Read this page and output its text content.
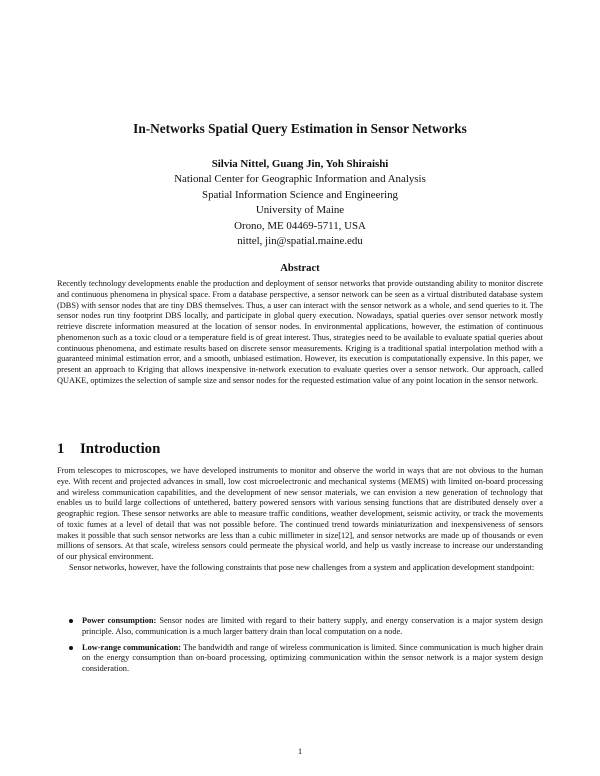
In-Networks Spatial Query Estimation in Sensor Networks
Silvia Nittel, Guang Jin, Yoh Shiraishi
National Center for Geographic Information and Analysis
Spatial Information Science and Engineering
University of Maine
Orono, ME 04469-5711, USA
nittel, jin@spatial.maine.edu
Abstract
Recently technology developments enable the production and deployment of sensor networks that provide outstanding ability to monitor discrete and continuous phenomena in physical space. From a database perspective, a sensor network can be seen as a virtual distributed database system (DBS) with sensor nodes that are tiny DBS themselves. Thus, a user can interact with the sensor network as a whole, and send queries to it. The sensor nodes run tiny footprint DBS locally, and participate in global query execution. Nowadays, spatial queries over sensor network mostly retrieve discrete information measured at the location of sensor nodes. In environmental applications, however, the estimation of continuous phenomenon such as a toxic cloud or a temperature field is of great interest. Thus, strategies need to be available to evaluate spatial queries about continuous phenomena, and estimate results based on discrete sensor measurements. Kriging is a traditional spatial interpolation method with a guaranteed minimal estimation error, and a smooth, unbiased estimation. However, its execution is computationally expensive. In this paper, we present an approach to Kriging that allows inexpensive in-network execution to evaluate queries over a sensor network. Our approach, called QUAKE, optimizes the selection of sample size and sensor nodes for the requested estimation value of any point location in the sensor network.
1 Introduction

From telescopes to microscopes, we have developed instruments to monitor and observe the world in ways that are not obvious to the human eye. With recent and projected advances in small, low cost microelectronic and mechanical systems (MEMS) with limited on-board processing and wireless communication capabilities, and the development of new sensor materials, we can envision a new generation of technology that enables us to build large collections of untethered, battery powered sensors with various sensing functions that are distributed densely over a geographic region. These sensor networks are able to measure traffic conditions, weather development, seismic activity, or track the movements of toxic fumes at a level of detail that was not possible before. The continued trend towards miniaturization and inexpensiveness of sensors makes it possible that such sensor networks are less than a cubic millimeter in size[12], and sensor networks are made up of thousands or even millions of sensors. At that scale, wireless sensors could permeate the physical world, and help us vastly increase to increase our understanding of our physical environment.

Sensor networks, however, have the following constraints that pose new challenges from a system and application development standpoint:

Power consumption: Sensor nodes are limited with regard to their battery supply, and energy conservation is a major system design principle. Also, communication is a much larger battery drain than local computation on a node.
Low-range communication: The bandwidth and range of wireless communication is limited. Since communication is much higher drain on the energy consumption than on-board processing, optimizing communication within the sensor network is a major system design consideration.
1
